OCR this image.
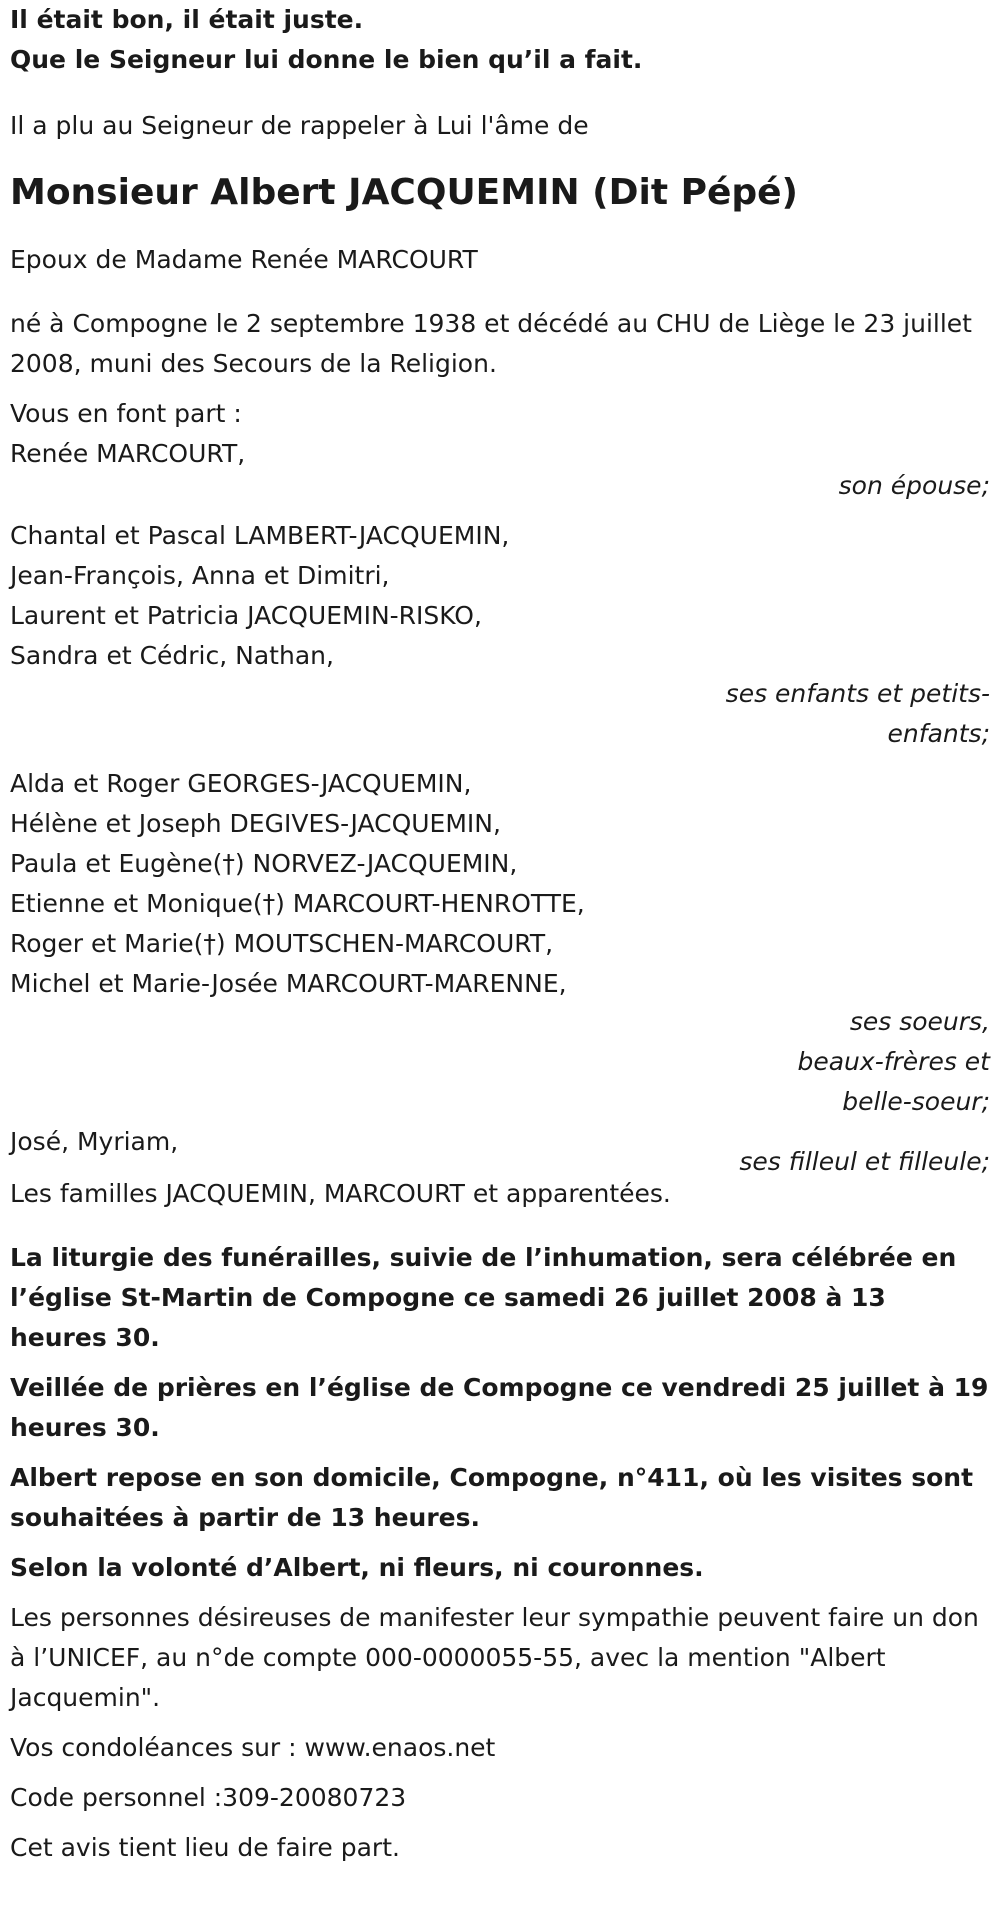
Il était bon, il était juste.

Que le Seigneur lui donne le bien qu’il a fait.

Il a plu au Seigneur de rappeler à Lui l'âme de

Monsieur Albert JACQUEMIN (Dit Pépé)

Epoux de Madame Renée MARCOURT

né à Compogne le 2 septembre 1938 et décédé au CHU de Liège le 23 juillet 2008, muni des Secours de la Religion.

Vous en font part :

Renée MARCOURT,

son épouse;

Chantal et Pascal LAMBERT-JACQUEMIN,

Jean-François, Anna et Dimitri,

Laurent et Patricia JACQUEMIN-RISKO,

Sandra et Cédric, Nathan,

ses enfants et petits-enfants;

Alda et Roger GEORGES-JACQUEMIN,

Hélène et Joseph DEGIVES-JACQUEMIN,

Paula et Eugène(†) NORVEZ-JACQUEMIN,

Etienne et Monique(†) MARCOURT-HENROTTE,

Roger et Marie(†) MOUTSCHEN-MARCOURT,

Michel et Marie-Josée MARCOURT-MARENNE,

ses soeurs, beaux-frères et belle-soeur;

José, Myriam,

ses filleul et filleule;

Les familles JACQUEMIN, MARCOURT et apparentées.

La liturgie des funérailles, suivie de l’inhumation, sera célébrée en l’église St-Martin de Compogne ce samedi 26 juillet 2008 à 13 heures 30.

Veillée de prières en l’église de Compogne ce vendredi 25 juillet à 19 heures 30.

Albert repose en son domicile, Compogne, n°411, où les visites sont souhaitées à partir de 13 heures.

Selon la volonté d’Albert, ni fleurs, ni couronnes.

Les personnes désireuses de manifester leur sympathie peuvent faire un don à l’UNICEF, au n°de compte 000-0000055-55, avec la mention "Albert Jacquemin".

Vos condoléances sur : www.enaos.net

Code personnel :309-20080723

Cet avis tient lieu de faire part.
